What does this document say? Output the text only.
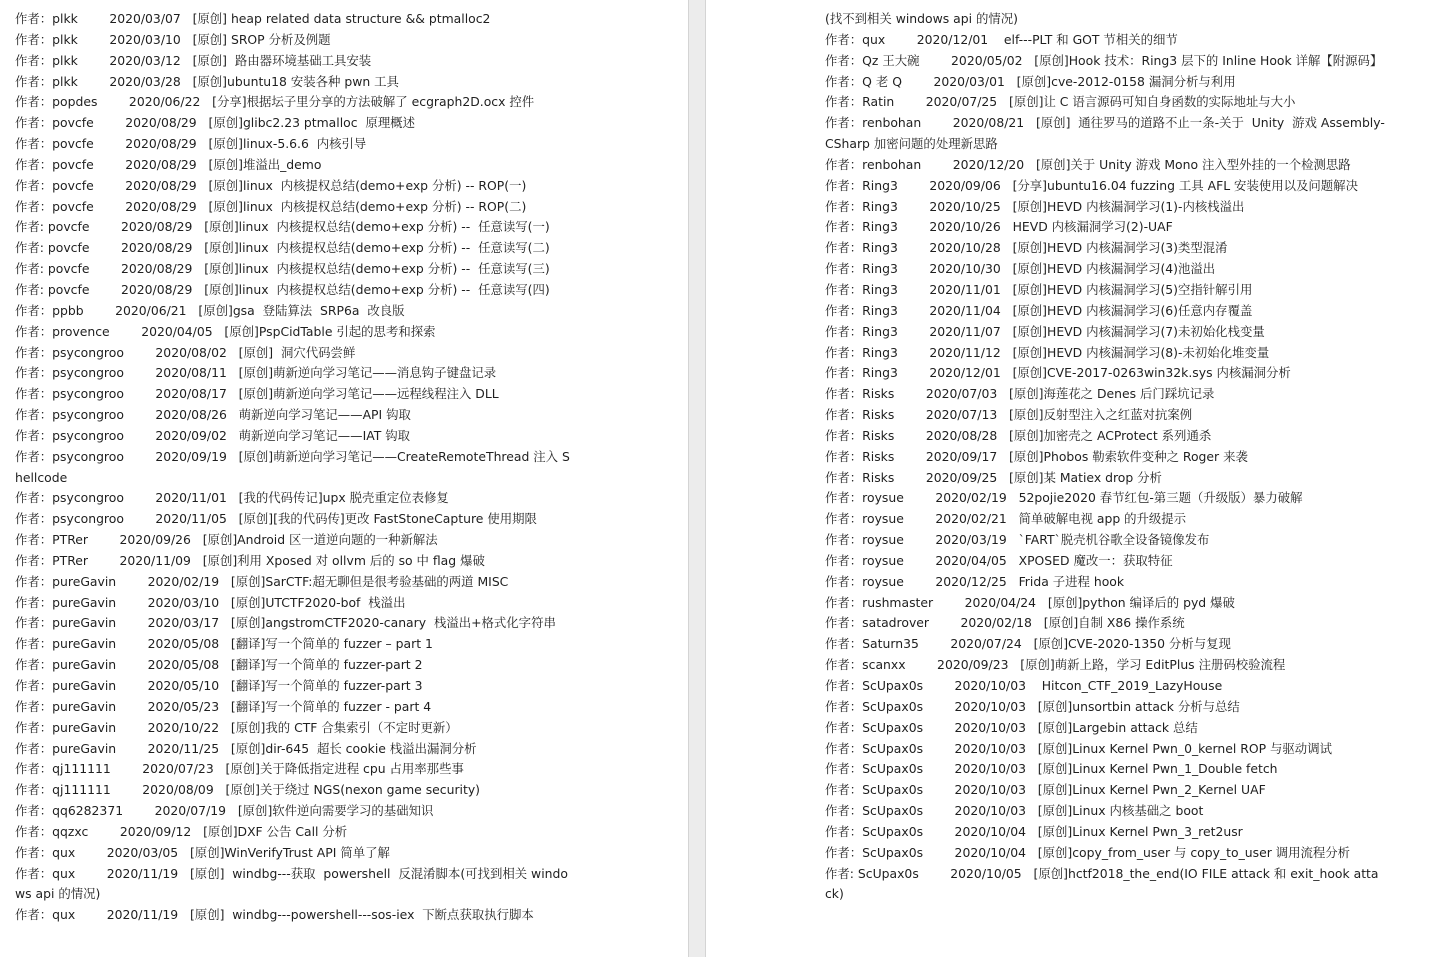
作者：plkk        2020/03/07   [原创] heap related data structure && ptmalloc2
作者：plkk        2020/03/10   [原创] SROP 分析及例题
作者：plkk        2020/03/12   [原创]  路由器环境基础工具安装
作者：plkk        2020/03/28   [原创]ubuntu18 安装各种 pwn 工具
作者：popdes        2020/06/22   [分享]根据坛子里分享的方法破解了 ecgraph2D.ocx 控件
作者：povcfe        2020/08/29   [原创]glibc2.23 ptmalloc  原理概述
作者：povcfe        2020/08/29   [原创]linux-5.6.6  内核引导
作者：povcfe        2020/08/29   [原创]堆溢出_demo
作者：povcfe        2020/08/29   [原创]linux  内核提权总结(demo+exp 分析) -- ROP(一)
作者：povcfe        2020/08/29   [原创]linux  内核提权总结(demo+exp 分析) -- ROP(二)
作者: povcfe        2020/08/29   [原创]linux  内核提权总结(demo+exp 分析) --  任意读写(一)
作者: povcfe        2020/08/29   [原创]linux  内核提权总结(demo+exp 分析) --  任意读写(二)
作者: povcfe        2020/08/29   [原创]linux  内核提权总结(demo+exp 分析) --  任意读写(三)
作者: povcfe        2020/08/29   [原创]linux  内核提权总结(demo+exp 分析) --  任意读写(四)
作者：ppbb        2020/06/21   [原创]gsa  登陆算法  SRP6a  改良版
作者：provence        2020/04/05   [原创]PspCidTable 引起的思考和探索
作者：psycongroo        2020/08/02   [原创]  洞穴代码尝鲜
作者：psycongroo        2020/08/11   [原创]萌新逆向学习笔记——消息钩子键盘记录
作者：psycongroo        2020/08/17   [原创]萌新逆向学习笔记——远程线程注入 DLL
作者：psycongroo        2020/08/26   萌新逆向学习笔记——API 钩取
作者：psycongroo        2020/09/02   萌新逆向学习笔记——IAT 钩取
作者：psycongroo        2020/09/19   [原创]萌新逆向学习笔记——CreateRemoteThread 注入 Shellcode
作者：psycongroo        2020/11/01   [我的代码传记]upx 脱壳重定位表修复
作者：psycongroo        2020/11/05   [原创][我的代码传]更改 FastStoneCapture 使用期限
作者：PTRer        2020/09/26   [原创]Android 区一道逆向题的一种新解法
作者：PTRer        2020/11/09   [原创]利用 Xposed 对 ollvm 后的 so 中 flag 爆破
作者：pureGavin        2020/02/19   [原创]SarCTF:超无聊但是很考验基础的两道 MISC
作者：pureGavin        2020/03/10   [原创]UTCTF2020-bof  栈溢出
作者：pureGavin        2020/03/17   [原创]angstromCTF2020-canary  栈溢出+格式化字符串
作者：pureGavin        2020/05/08   [翻译]写一个简单的 fuzzer – part 1
作者：pureGavin        2020/05/08   [翻译]写一个简单的 fuzzer-part 2
作者：pureGavin        2020/05/10   [翻译]写一个简单的 fuzzer-part 3
作者：pureGavin        2020/05/23   [翻译]写一个简单的 fuzzer - part 4
作者：pureGavin        2020/10/22   [原创]我的 CTF 合集索引（不定时更新）
作者：pureGavin        2020/11/25   [原创]dir-645  超长 cookie 栈溢出漏洞分析
作者：qj111111        2020/07/23   [原创]关于降低指定进程 cpu 占用率那些事
作者：qj111111        2020/08/09   [原创]关于绕过 NGS(nexon game security)
作者：qq6282371        2020/07/19   [原创]软件逆向需要学习的基础知识
作者：qqzxc        2020/09/12   [原创]DXF 公告 Call 分析
作者：qux        2020/03/05   [原创]WinVerifyTrust API 简单了解
作者：qux        2020/11/19   [原创]  windbg---获取  powershell  反混淆脚本(可找到相关 windows api 的情况)
作者：qux        2020/11/19   [原创]  windbg---powershell---sos-iex  下断点获取执行脚本
(找不到相关 windows api 的情况)
作者：qux        2020/12/01    elf---PLT 和 GOT 节相关的细节
作者：Qz 王大碗        2020/05/02   [原创]Hook 技术：Ring3 层下的 Inline Hook 详解【附源码】
作者：Q 老 Q        2020/03/01   [原创]cve-2012-0158 漏洞分析与利用
作者：Ratin        2020/07/25   [原创]让 C 语言源码可知自身函数的实际地址与大小
作者：renbohan        2020/08/21   [原创]  通往罗马的道路不止一条-关于  Unity  游戏 Assembly-CSharp 加密问题的处理新思路
作者：renbohan        2020/12/20   [原创]关于 Unity 游戏 Mono 注入型外挂的一个检测思路
作者：Ring3        2020/09/06   [分享]ubuntu16.04 fuzzing 工具 AFL 安装使用以及问题解决
作者：Ring3        2020/10/25   [原创]HEVD 内核漏洞学习(1)-内核栈溢出
作者：Ring3        2020/10/26   HEVD 内核漏洞学习(2)-UAF
作者：Ring3        2020/10/28   [原创]HEVD 内核漏洞学习(3)类型混淆
作者：Ring3        2020/10/30   [原创]HEVD 内核漏洞学习(4)池溢出
作者：Ring3        2020/11/01   [原创]HEVD 内核漏洞学习(5)空指针解引用
作者：Ring3        2020/11/04   [原创]HEVD 内核漏洞学习(6)任意内存覆盖
作者：Ring3        2020/11/07   [原创]HEVD 内核漏洞学习(7)未初始化栈变量
作者：Ring3        2020/11/12   [原创]HEVD 内核漏洞学习(8)-未初始化堆变量
作者：Ring3        2020/12/01   [原创]CVE-2017-0263win32k.sys 内核漏洞分析
作者：Risks        2020/07/03   [原创]海莲花之 Denes 后门踩坑记录
作者：Risks        2020/07/13   [原创]反射型注入之红蓝对抗案例
作者：Risks        2020/08/28   [原创]加密壳之 ACProtect 系列通杀
作者：Risks        2020/09/17   [原创]Phobos 勒索软件变种之 Roger 来袭
作者：Risks        2020/09/25   [原创]某 Matiex drop 分析
作者：roysue        2020/02/19   52pojie2020 春节红包-第三题（升级版）暴力破解
作者：roysue        2020/02/21   简单破解电视 app 的升级提示
作者：roysue        2020/03/19   `FART`脱壳机谷歌全设备镜像发布
作者：roysue        2020/04/05   XPOSED 魔改一：获取特征
作者：roysue        2020/12/25   Frida 子进程 hook
作者：rushmaster        2020/04/24   [原创]python 编译后的 pyd 爆破
作者：satadrover        2020/02/18   [原创]自制 X86 操作系统
作者：Saturn35        2020/07/24   [原创]CVE-2020-1350 分析与复现
作者：scanxx        2020/09/23   [原创]萌新上路，学习 EditPlus 注册码校验流程
作者：ScUpax0s        2020/10/03    Hitcon_CTF_2019_LazyHouse
作者：ScUpax0s        2020/10/03   [原创]unsortbin attack 分析与总结
作者：ScUpax0s        2020/10/03   [原创]Largebin attack 总结
作者：ScUpax0s        2020/10/03   [原创]Linux Kernel Pwn_0_kernel ROP 与驱动调试
作者：ScUpax0s        2020/10/03   [原创]Linux Kernel Pwn_1_Double fetch
作者：ScUpax0s        2020/10/03   [原创]Linux Kernel Pwn_2_Kernel UAF
作者：ScUpax0s        2020/10/03   [原创]Linux 内核基础之 boot
作者：ScUpax0s        2020/10/04   [原创]Linux Kernel Pwn_3_ret2usr
作者：ScUpax0s        2020/10/04   [原创]copy_from_user 与 copy_to_user 调用流程分析
作者: ScUpax0s        2020/10/05   [原创]hctf2018_the_end(IO FILE attack 和 exit_hook attack)
